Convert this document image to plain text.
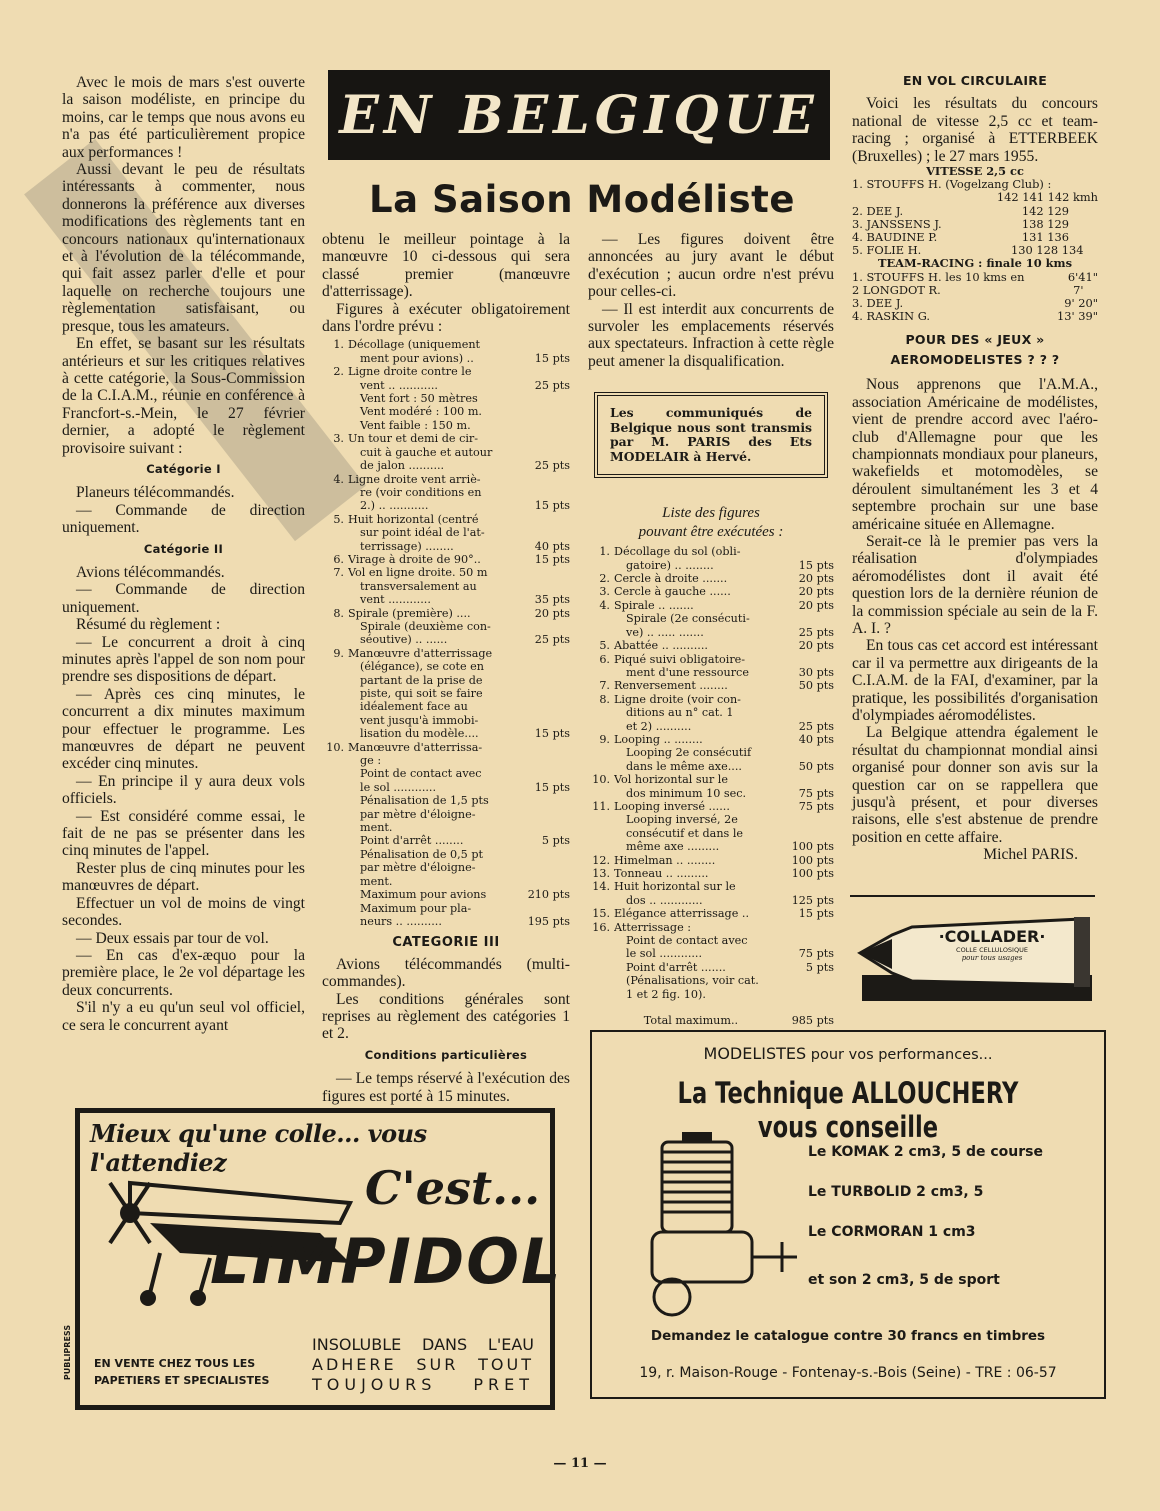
EN BELGIQUE
La Saison Modéliste

Avec le mois de mars s'est ouverte la saison modéliste, en principe du moins, car le temps que nous avons eu n'a pas été particulièrement propice aux performances !

Aussi devant le peu de résultats intéressants à commenter, nous donnerons la préférence aux diverses modifications des règlements tant en concours nationaux qu'internationaux et à l'évolution de la télécommande, qui fait assez parler d'elle et pour laquelle on recherche toujours une règlementation satisfaisant, ou presque, tous les amateurs.

En effet, se basant sur les résultats antérieurs et sur les critiques relatives à cette catégorie, la Sous-Commission de la C.I.A.M., réunie en conférence à Francfort-s.-Mein, le 27 février dernier, a adopté le règlement provisoire suivant :

Catégorie I

Planeurs télécommandés.

— Commande de direction uniquement.

Catégorie II

Avions télécommandés.

— Commande de direction uniquement.

Résumé du règlement :

— Le concurrent a droit à cinq minutes après l'appel de son nom pour prendre ses dispositions de départ.

— Après ces cinq minutes, le concurrent a dix minutes maximum pour effectuer le programme. Les manœuvres de départ ne peuvent excéder cinq minutes.

— En principe il y aura deux vols officiels.

— Est considéré comme essai, le fait de ne pas se présenter dans les cinq minutes de l'appel.

Rester plus de cinq minutes pour les manœuvres de départ.

Effectuer un vol de moins de vingt secondes.

— Deux essais par tour de vol.

— En cas d'ex-æquo pour la première place, le 2e vol départage les deux concurrents.

S'il n'y a eu qu'un seul vol officiel, ce sera le concurrent ayant

obtenu le meilleur pointage à la manœuvre 10 ci-dessous qui sera classé premier (manœuvre d'atterrissage).

Figures à exécuter obligatoirement dans l'ordre prévu :

1. Décollage (uniquement
ment pour avions) ..	15 pts
2. Ligne droite contre le
vent .. ...........	25 pts
Vent fort : 50 mètres
Vent modéré : 100 m.
Vent faible : 150 m.
3. Un tour et demi de cir-
cuit à gauche et autour
de jalon ..........	25 pts
4. Ligne droite vent arriè-
re (voir conditions en
2.) .. ...........	15 pts
5. Huit horizontal (centré
sur point idéal de l'at-
terrissage) ........	40 pts
6. Virage à droite de 90°..	15 pts
7. Vol en ligne droite. 50 m
transversalement au
vent ............	35 pts
8. Spirale (première) ....	20 pts
Spirale (deuxième con-
séoutive) .. ......	25 pts
9. Manœuvre d'atterrissage
(élégance), se cote en
partant de la prise de
piste, qui soit se faire
idéalement face au
vent jusqu'à immobi-
lisation du modèle....	15 pts
10. Manœuvre d'atterrissa-
ge :
Point de contact avec
le sol ............	15 pts
Pénalisation de 1,5 pts
par mètre d'éloigne-
ment.
Point d'arrêt ........	5 pts
Pénalisation de 0,5 pt
par mètre d'éloigne-
ment.
Maximum pour avions	210 pts
Maximum pour pla-
neurs .. ..........	195 pts
CATEGORIE III

Avions télécommandés (multi-commandes).

Les conditions générales sont reprises au règlement des catégories 1 et 2.

Conditions particulières

— Le temps réservé à l'exécution des figures est porté à 15 minutes.

— Les figures doivent être annoncées au jury avant le début d'exécution ; aucun ordre n'est prévu pour celles-ci.

— Il est interdit aux concurrents de survoler les emplacements réservés aux spectateurs. Infraction à cette règle peut amener la disqualification.

Les communiqués de Belgique nous sont transmis par M. PARIS des Ets MODELAIR à Hervé.
Liste des figures
pouvant être exécutées :
1. Décollage du sol (obli-
gatoire) .. ........	15 pts
2. Cercle à droite .......	20 pts
3. Cercle à gauche ......	20 pts
4. Spirale .. .......	20 pts
Spirale (2e consécuti-
ve) .. ..... .......	25 pts
5. Abattée .. ..........	20 pts
6. Piqué suivi obligatoire-
ment d'une ressource	30 pts
7. Renversement ........	50 pts
8. Ligne droite (voir con-
ditions au n° cat. 1
et 2) ..........	25 pts
9. Looping .. ........	40 pts
Looping 2e consécutif
dans le même axe....	50 pts
10. Vol horizontal sur le
dos minimum 10 sec.	75 pts
11. Looping inversé ......	75 pts
Looping inversé, 2e
consécutif et dans le
même axe .........	100 pts
12. Himelman .. ........	100 pts
13. Tonneau .. .........	100 pts
14. Huit horizontal sur le
dos .. ............	125 pts
15. Elégance atterrissage ..	15 pts
16. Atterrissage :
Point de contact avec
le sol ............	75 pts
Point d'arrêt .......	5 pts
(Pénalisations, voir cat.
1 et 2 fig. 10).

Total maximum..	985 pts
EN VOL CIRCULAIRE

Voici les résultats du concours national de vitesse 2,5 cc et team-racing ; organisé à ETTERBEEK (Bruxelles) ; le 27 mars 1955.

VITESSE 2,5 cc
1. STOUFFS H. (Vogelzang Club) :
142 141 142 kmh
2. DEE J.	142 129
3. JANSSENS J.	138 129
4. BAUDINE P.	131 136
5. FOLIE H.	130 128 134
TEAM-RACING : finale 10 kms
1. STOUFFS H. les 10 kms en	6'41"
2 LONGDOT R.	7'
3. DEE J.	9' 20"
4. RASKIN G.	13' 39"
POUR DES « JEUX »
AEROMODELISTES ? ? ?

Nous apprenons que l'A.M.A., association Américaine de modélistes, vient de prendre accord avec l'aéro-club d'Allemagne pour que les championnats mondiaux pour planeurs, wakefields et motomodèles, se déroulent simultanément les 3 et 4 septembre prochain sur une base américaine située en Allemagne.

Serait-ce là le premier pas vers la réalisation d'olympiades aéromodélistes dont il avait été question lors de la dernière réunion de la commission spéciale au sein de la F. A. I. ?

En tous cas cet accord est intéressant car il va permettre aux dirigeants de la C.I.A.M. de la FAI, d'examiner, par la pratique, les possibilités d'organisation d'olympiades aéromodélistes.

La Belgique attendra également le résultat du championnat mondial ainsi organisé pour donner son avis sur la question car on se rappellera que jusqu'à présent, et pour diverses raisons, elle s'est abstenue de prendre position en cette affaire.

Michel PARIS.

·COLLADER·
COLLE CELLULOSIQUE
pour tous usages
Mieux qu'une colle... vous l'attendiez	C'est...
LIMPIDOL
PUBLIPRESS EN VENTE CHEZ TOUS LES
PAPETIERS ET SPECIALISTES
INSOLUBLE DANS L'EAU
ADHERE SUR TOUT
TOUJOURS PRET
MODELISTES pour vos performances...
La Technique ALLOUCHERY vous conseille
Le KOMAK 2 cm3, 5 de course
Le TURBOLID 2 cm3, 5
Le CORMORAN 1 cm3
et son 2 cm3, 5 de sport
Demandez le catalogue contre 30 francs en timbres
19, r. Maison-Rouge - Fontenay-s.-Bois (Seine) - TRE : 06-57
— 11 —
